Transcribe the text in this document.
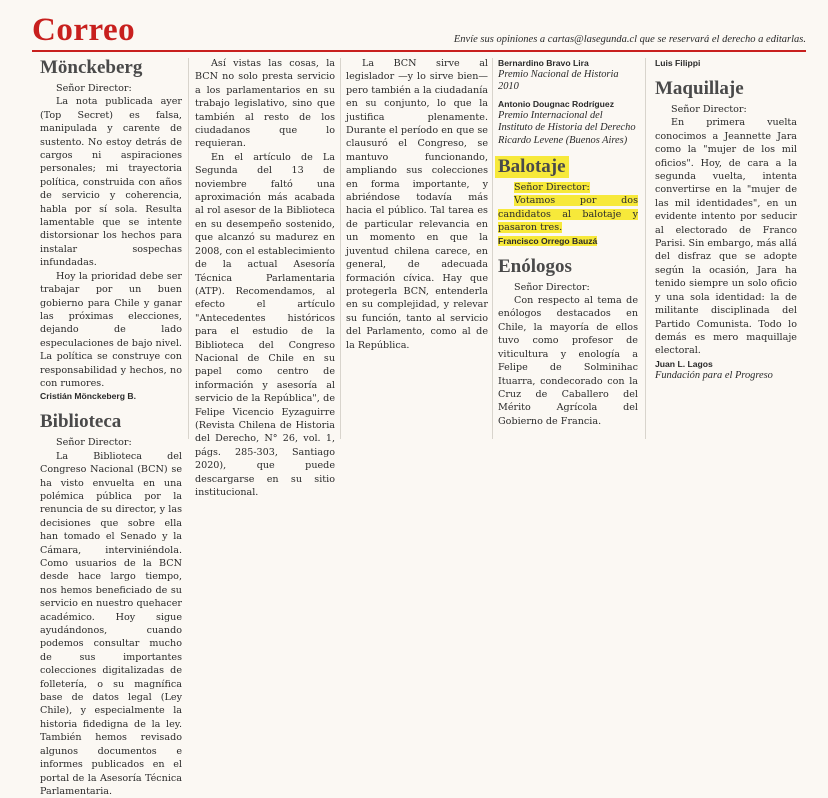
Correo	Envíe sus opiniones a cartas@lasegunda.cl que se reservará el derecho a editarlas.
Mönckeberg
Señor Director:

La nota publicada ayer (Top Secret) es falsa, manipulada y carente de sustento. No estoy detrás de cargos ni aspiraciones personales; mi trayectoria política, construida con años de servicio y coherencia, habla por sí sola. Resulta lamentable que se intente distorsionar los hechos para instalar sospechas infundadas.

Hoy la prioridad debe ser trabajar por un buen gobierno para Chile y ganar las próximas elecciones, dejando de lado especulaciones de bajo nivel. La política se construye con responsabilidad y hechos, no con rumores.

Cristián Mönckeberg B.
Biblioteca
Señor Director:

La Biblioteca del Congreso Nacional (BCN) se ha visto envuelta en una polémica pública por la renuncia de su director, y las decisiones que sobre ella han tomado el Senado y la Cámara, interviniéndola. Como usuarios de la BCN desde hace largo tiempo, nos hemos beneficiado de su servicio en nuestro quehacer académico. Hoy sigue ayudándonos, cuando podemos consultar mucho de sus importantes colecciones digitalizadas de folletería, o su magnífica base de datos legal (Ley Chile), y especialmente la historia fidedigna de la ley. También hemos revisado algunos documentos e informes publicados en el portal de la Asesoría Técnica Parlamentaria.

Así vistas las cosas, la BCN no solo presta servicio a los parlamentarios en su trabajo legislativo, sino que también al resto de los ciudadanos que lo requieran.

En el artículo de La Segunda del 13 de noviembre faltó una aproximación más acabada al rol asesor de la Biblioteca en su desempeño sostenido, que alcanzó su madurez en 2008, con el establecimiento de la actual Asesoría Técnica Parlamentaria (ATP). Recomendamos, al efecto el artículo "Antecedentes históricos para el estudio de la Biblioteca del Congreso Nacional de Chile en su papel como centro de información y asesoría al servicio de la República", de Felipe Vicencio Eyzaguirre (Revista Chilena de Historia del Derecho, N° 26, vol. 1, págs. 285-303, Santiago 2020), que puede descargarse en su sitio institucional.

La BCN sirve al legislador —y lo sirve bien— pero también a la ciudadanía en su conjunto, lo que la justifica plenamente. Durante el período en que se clausuró el Congreso, se mantuvo funcionando, ampliando sus colecciones en forma importante, y abriéndose todavía más hacia el público. Tal tarea es de particular relevancia en un momento en que la juventud chilena carece, en general, de adecuada formación cívica. Hay que protegerla BCN, entenderla en su complejidad, y relevar su función, tanto al servicio del Parlamento, como al de la República.

Bernardino Bravo Lira
Premio Nacional de Historia 2010
Antonio Dougnac Rodríguez
Premio Internacional del Instituto de Historia del Derecho Ricardo Levene (Buenos Aires)
Balotaje
Señor Director:

Votamos por dos candidatos al balotaje y pasaron tres.

Francisco Orrego Bauzá
Enólogos
Señor Director:

Con respecto al tema de enólogos destacados en Chile, la mayoría de ellos tuvo como profesor de viticultura y enología a Felipe de Solminihac Ituarra, condecorado con la Cruz de Caballero del Mérito Agrícola del Gobierno de Francia.

Luis Filippi
Maquillaje
Señor Director:

En primera vuelta conocimos a Jeannette Jara como la "mujer de los mil oficios". Hoy, de cara a la segunda vuelta, intenta convertirse en la "mujer de las mil identidades", en un evidente intento por seducir al electorado de Franco Parisi. Sin embargo, más allá del disfraz que se adopte según la ocasión, Jara ha tenido siempre un solo oficio y una sola identidad: la de militante disciplinada del Partido Comunista. Todo lo demás es mero maquillaje electoral.

Juan L. Lagos
Fundación para el Progreso
